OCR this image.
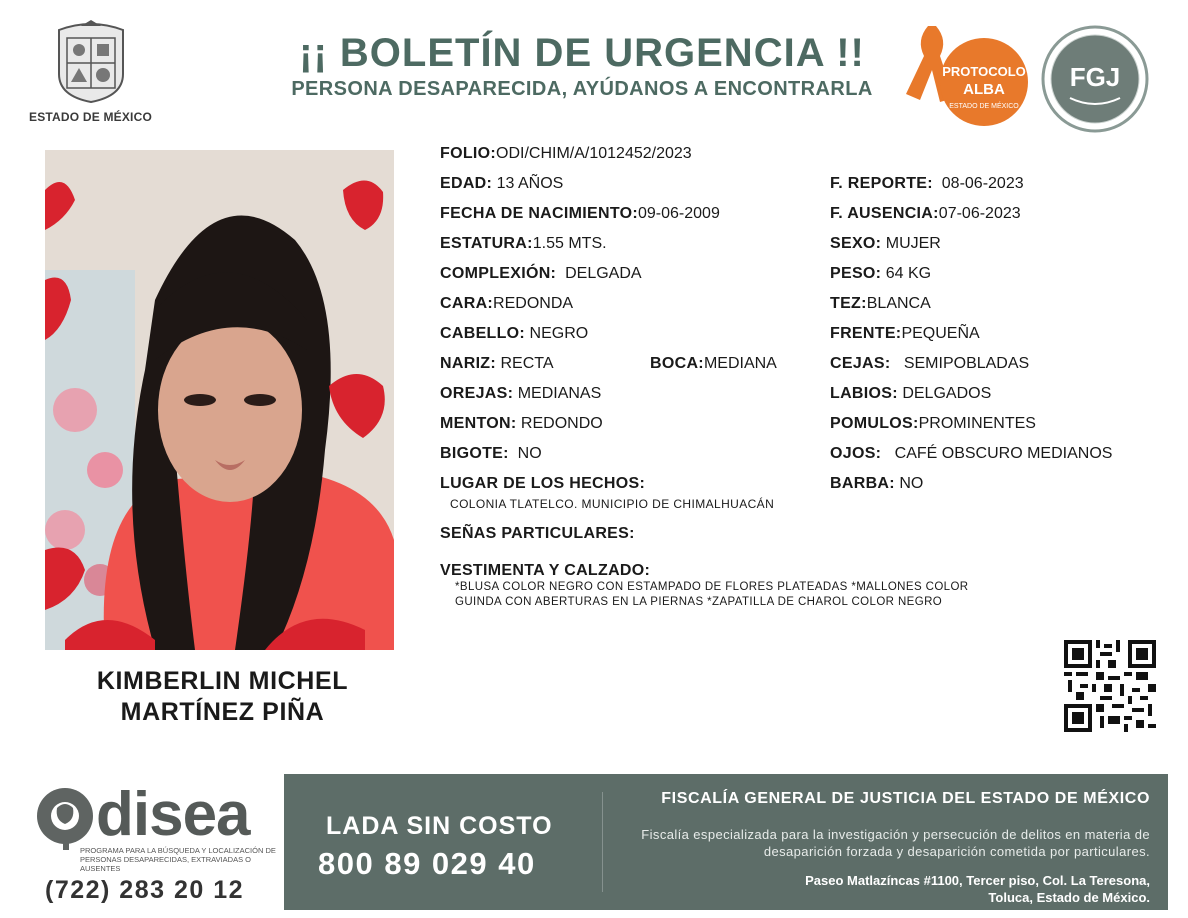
ESTADO DE MÉXICO
¡¡ BOLETÍN DE URGENCIA !!
PERSONA DESAPARECIDA, AYÚDANOS A ENCONTRARLA
PROTOCOLO
ALBA
ESTADO DE MÉXICO
FGJ
KIMBERLIN MICHEL
MARTÍNEZ PIÑA
FOLIO:ODI/CHIM/A/1012452/2023
EDAD: 13 AÑOS
FECHA DE NACIMIENTO:09-06-2009
ESTATURA:1.55 MTS.
COMPLEXIÓN: DELGADA
CARA:REDONDA
CABELLO: NEGRO
NARIZ: RECTA	BOCA:MEDIANA
OREJAS: MEDIANAS
MENTON: REDONDO
BIGOTE: NO
LUGAR DE LOS HECHOS:
COLONIA TLATELCO. MUNICIPIO DE CHIMALHUACÁN
SEÑAS PARTICULARES:
VESTIMENTA Y CALZADO:
*BLUSA COLOR NEGRO CON ESTAMPADO DE FLORES PLATEADAS *MALLONES COLOR
GUINDA CON ABERTURAS EN LA PIERNAS *ZAPATILLA DE CHAROL COLOR NEGRO
F. REPORTE: 08-06-2023
F. AUSENCIA:07-06-2023
SEXO: MUJER
PESO: 64 KG
TEZ:BLANCA
FRENTE:PEQUEÑA
CEJAS: SEMIPOBLADAS
LABIOS: DELGADOS
POMULOS:PROMINENTES
OJOS: CAFÉ OBSCURO MEDIANOS
BARBA: NO
disea
PROGRAMA PARA LA BÚSQUEDA Y LOCALIZACIÓN DE PERSONAS DESAPARECIDAS, EXTRAVIADAS O AUSENTES
(722) 283 20 12
LADA SIN COSTO
800 89 029 40
FISCALÍA GENERAL DE JUSTICIA DEL ESTADO DE MÉXICO
Fiscalía especializada para la investigación y persecución de delitos en materia de desaparición forzada y desaparición cometida por particulares.
Paseo Matlazíncas #1100, Tercer piso, Col. La Teresona,
Toluca, Estado de México.
